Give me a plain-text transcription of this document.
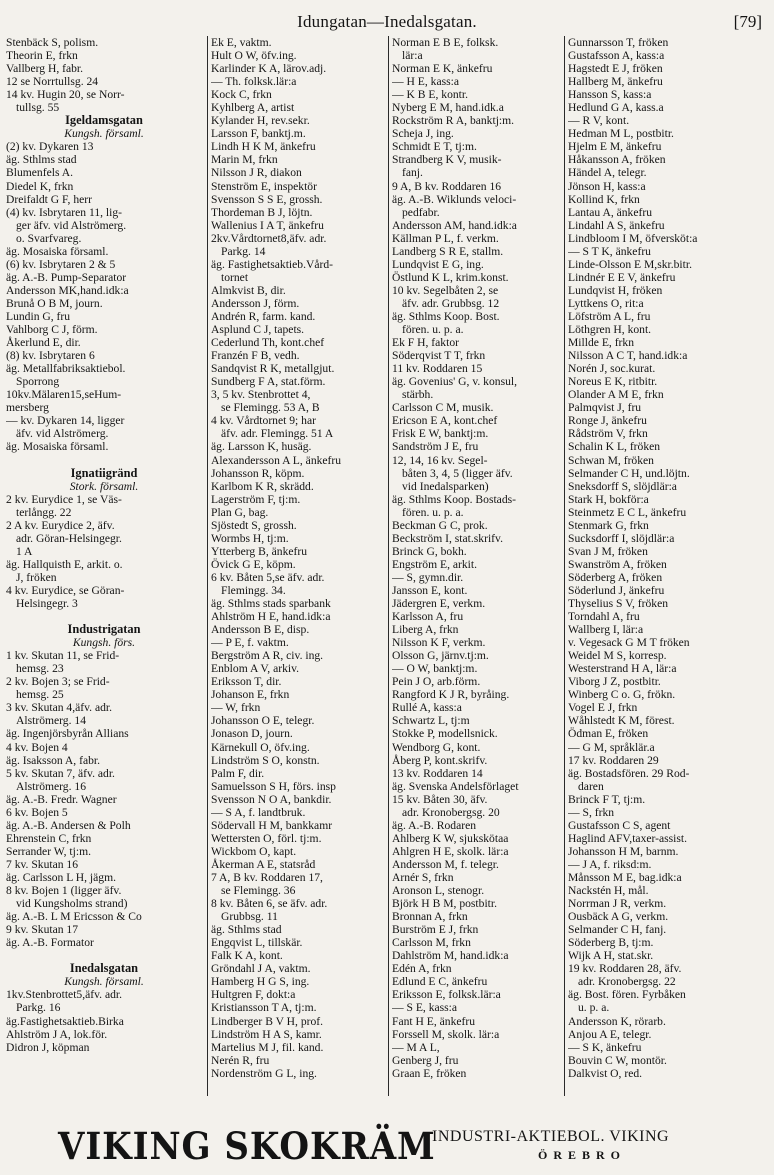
Idungatan—Inedalsgatan.	[79]
Stenbäck S, polism.
Theorin E, frkn
Vallberg H, fabr.
12 se Norrtullsg. 24
14 kv. Hugin 20, se Norr-
tullsg. 55
Igeldamsgatan
Kungsh. församl.
(2) kv. Dykaren 13
äg. Sthlms stad
Blumenfels A.
Diedel K, frkn
Dreifaldt G F, herr
(4) kv. Isbrytaren 11, lig-
ger äfv. vid Alströmerg.
o. Svarfvareg.
äg. Mosaiska församl.
(6) kv. Isbrytaren 2 & 5
äg. A.-B. Pump-Separator
Andersson MK,hand.idk:a
Brunå O B M, journ.
Lundin G, fru
Vahlborg C J, förm.
Åkerlund E, dir.
(8) kv. Isbrytaren 6
äg. Metallfabriksaktiebol.
Sporrong
10kv.Mälaren15,seHum-
mersberg
— kv. Dykaren 14, ligger
äfv. vid Alströmerg.
äg. Mosaiska församl.
Ignatiigränd
Stork. församl.
2 kv. Eurydice 1, se Väs-
terlångg. 22
2 A kv. Eurydice 2, äfv.
adr. Göran-Helsingegr.
1 A
äg. Hallquisth E, arkit. o.
J, fröken
4 kv. Eurydice, se Göran-
Helsingegr. 3
Industrigatan
Kungsh. förs.
1 kv. Skutan 11, se Frid-
hemsg. 23
2 kv. Bojen 3; se Frid-
hemsg. 25
3 kv. Skutan 4,äfv. adr.
Alströmerg. 14
äg. Ingenjörsbyrån Allians
4 kv. Bojen 4
äg. Isaksson A, fabr.
5 kv. Skutan 7, äfv. adr.
Alströmerg. 16
äg. A.-B. Fredr. Wagner
6 kv. Bojen 5
äg. A.-B. Andersen & Polh
Ehrenstein C, frkn
Serrander W, tj:m.
7 kv. Skutan 16
äg. Carlsson L H, jägm.
8 kv. Bojen 1 (ligger äfv.
vid Kungsholms strand)
äg. A.-B. L M Ericsson & Co
9 kv. Skutan 17
äg. A.-B. Formator
Inedalsgatan
Kungsh. församl.
1kv.Stenbrottet5,äfv. adr.
Parkg. 16
äg.Fastighetsaktieb.Birka
Ahlström J A, lok.för.
Didron J, köpman
Ek E, vaktm.
Hult O W, öfv.ing.
Karlinder K A, lärov.adj.
— Th. folksk.lär:a
Kock C, frkn
Kyhlberg A, artist
Kylander H, rev.sekr.
Larsson F, banktj.m.
Lindh H K M, änkefru
Marin M, frkn
Nilsson J R, diakon
Stenström E, inspektör
Svensson S S E, grossh.
Thordeman B J, löjtn.
Wallenius I A T, änkefru
2kv.Vårdtornet8,äfv. adr.
Parkg. 14
äg. Fastighetsaktieb.Vård-
tornet
Almkvist B, dir.
Andersson J, förm.
Andrén R, farm. kand.
Asplund C J, tapets.
Cederlund Th, kont.chef
Franzén F B, vedh.
Sandqvist R K, metallgjut.
Sundberg F A, stat.förm.
3, 5 kv. Stenbrottet 4,
se Flemingg. 53 A, B
4 kv. Vårdtornet 9; har
äfv. adr. Flemingg. 51 A
äg. Larsson K, husäg.
Alexandersson A L, änkefru
Johansson R, köpm.
Karlbom K R, skrädd.
Lagerström F, tj:m.
Plan G, bag.
Sjöstedt S, grossh.
Wormbs H, tj:m.
Ytterberg B, änkefru
Övick G E, köpm.
6 kv. Båten 5,se äfv. adr.
Flemingg. 34.
äg. Sthlms stads sparbank
Ahlström H E, hand.idk:a
Andersson B E, disp.
— P E, f. vaktm.
Bergström A R, civ. ing.
Enblom A V, arkiv.
Eriksson T, dir.
Johanson E, frkn
— W, frkn
Johansson O E, telegr.
Jonason D, journ.
Kärnekull O, öfv.ing.
Lindström S O, konstn.
Palm F, dir.
Samuelsson S H, förs. insp
Svensson N O A, bankdir.
— S A, f. landtbruk.
Södervall H M, bankkamr
Wettersten O, förl. tj:m.
Wickbom O, kapt.
Åkerman A E, statsråd
7 A, B kv. Roddaren 17,
se Flemingg. 36
8 kv. Båten 6, se äfv. adr.
Grubbsg. 11
äg. Sthlms stad
Engqvist L, tillskär.
Falk K A, kont.
Gröndahl J A, vaktm.
Hamberg H G S, ing.
Hultgren F, dokt:a
Kristiansson T A, tj:m.
Lindberger B V H, prof.
Lindström H A S, kamr.
Martelius M J, fil. kand.
Nerén R, fru
Nordenström G L, ing.
Norman E B E, folksk.
lär:a
Norman E K, änkefru
— H E, kass:a
— K B E, kontr.
Nyberg E M, hand.idk.a
Rockström R A, banktj:m.
Scheja J, ing.
Schmidt E T, tj:m.
Strandberg K V, musik-
fanj.
9 A, B kv. Roddaren 16
äg. A.-B. Wiklunds veloci-
pedfabr.
Andersson AM, hand.idk:a
Källman P L, f. verkm.
Landberg S R E, stallm.
Lundqvist E G, ing.
Östlund K L, krim.konst.
10 kv. Segelbåten 2, se
äfv. adr. Grubbsg. 12
äg. Sthlms Koop. Bost.
fören. u. p. a.
Ek F H, faktor
Söderqvist T T, frkn
11 kv. Roddaren 15
äg. Govenius' G, v. konsul,
stärbh.
Carlsson C M, musik.
Ericson E A, kont.chef
Frisk E W, banktj:m.
Sandström J E, fru
12, 14, 16 kv. Segel-
båten 3, 4, 5 (ligger äfv.
vid Inedalsparken)
äg. Sthlms Koop. Bostads-
fören. u. p. a.
Beckman G C, prok.
Beckström I, stat.skrifv.
Brinck G, bokh.
Engström E, arkit.
— S, gymn.dir.
Jansson E, kont.
Jädergren E, verkm.
Karlsson A, fru
Liberg A, frkn
Nilsson K F, verkm.
Olsson G, järnv.tj:m.
— O W, banktj:m.
Pein J O, arb.förm.
Rangford K J R, byråing.
Rullé A, kass:a
Schwartz L, tj:m
Stokke P, modellsnick.
Wendborg G, kont.
Åberg P, kont.skrifv.
13 kv. Roddaren 14
äg. Svenska Andelsförlaget
15 kv. Båten 30, äfv.
adr. Kronobergsg. 20
äg. A.-B. Rodaren
Ahlberg K W, sjukskötaa
Ahlgren H E, skolk. lär:a
Andersson M, f. telegr.
Arnér S, frkn
Aronson L, stenogr.
Björk H B M, postbitr.
Bronnan A, frkn
Burström E J, frkn
Carlsson M, frkn
Dahlström M, hand.idk:a
Edén A, frkn
Edlund E C, änkefru
Eriksson E, folksk.lär:a
— S E, kass:a
Fant H E, änkefru
Forssell M, skolk. lär:a
— M A L,
Genberg J, fru
Graan E, fröken
Gunnarsson T, fröken
Gustafsson A, kass:a
Hagstedt E J, fröken
Hallberg M, änkefru
Hansson S, kass:a
Hedlund G A, kass.a
— R V, kont.
Hedman M L, postbitr.
Hjelm E M, änkefru
Håkansson A, fröken
Händel A, telegr.
Jönson H, kass:a
Kollind K, frkn
Lantau A, änkefru
Lindahl A S, änkefru
Lindbloom I M, öfversköt:a
— S T K, änkefru
Linde-Olsson E M,skr.bitr.
Lindnér E E V, änkefru
Lundqvist H, fröken
Lyttkens O, rit:a
Löfström A L, fru
Löthgren H, kont.
Millde E, frkn
Nilsson A C T, hand.idk:a
Norén J, soc.kurat.
Noreus E K, ritbitr.
Olander A M E, frkn
Palmqvist J, fru
Ronge J, änkefru
Rådström V, frkn
Schalin K L, fröken
Schwan M, fröken
Selmander C H, und.löjtn.
Sneksdorff S, slöjdlär:a
Stark H, bokför:a
Steinmetz E C L, änkefru
Stenmark G, frkn
Sucksdorff I, slöjdlär:a
Svan J M, fröken
Swanström A, fröken
Söderberg A, fröken
Söderlund J, änkefru
Thyselius S V, fröken
Torndahl A, fru
Wallberg I, lär:a
v. Vegesack G M T fröken
Weidel M S, korresp.
Westerstrand H A, lär:a
Viborg J Z, postbitr.
Winberg C o. G, frökn.
Vogel E J, frkn
Wåhlstedt K M, förest.
Ödman E, fröken
— G M, språklär.a
17 kv. Roddaren 29
äg. Bostadsfören. 29 Rod-
daren
Brinck F T, tj:m.
— S, frkn
Gustafsson C S, agent
Haglind AFV,taxer-assist.
Johansson H M, barnm.
— J A, f. riksd:m.
Månsson M E, bag.idk:a
Nackstén H, mål.
Norrman J R, verkm.
Ousbäck A G, verkm.
Selmander C H, fanj.
Söderberg B, tj:m.
Wijk A H, stat.skr.
19 kv. Roddaren 28, äfv.
adr. Kronobergsg. 22
äg. Bost. fören. Fyrbåken
u. p. a.
Andersson K, rörarb.
Anjou A E, telegr.
— S K, änkefru
Bouvin C W, montör.
Dalkvist O, red.
VIKING SKOKRÄM
INDUSTRI-AKTIEBOL. VIKING
ÖREBRO
